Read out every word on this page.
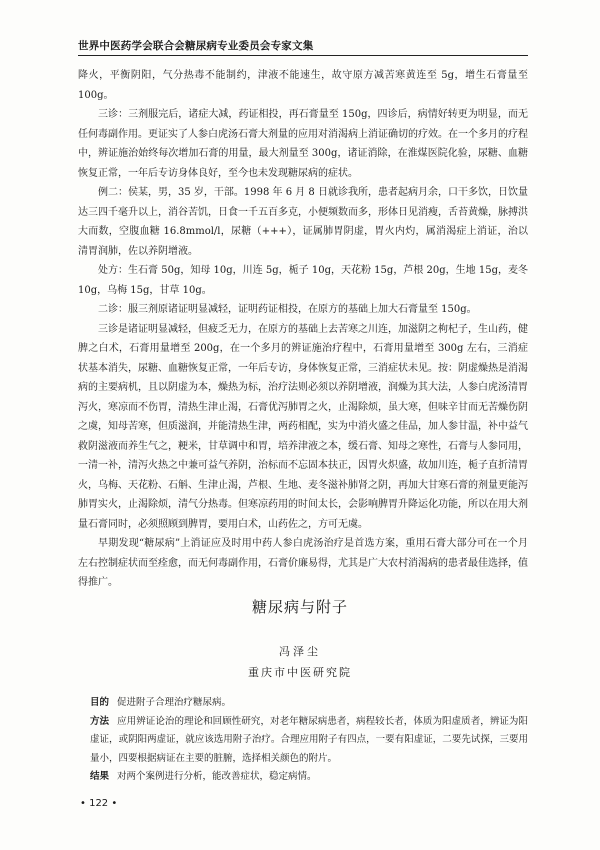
世界中医药学会联合会糖尿病专业委员会专家文集

降火，平衡阴阳，气分热毒不能制约，津液不能速生，故守原方减苦寒黄连至 5g，增生石膏量至 100g。

三诊：三剂服完后，诸症大减，药证相投，再石膏量至 150g，四诊后，病情好转更为明显，而无任何毒副作用。更证实了人参白虎汤石膏大剂量的应用对消渴病上消证确切的疗效。在一个多月的疗程中，辨证施治始终每次增加石膏的用量，最大剂量至 300g，诸证消除，在淮煤医院化验，尿糖、血糖恢复正常，一年后专访身体良好，至今也未发现糖尿病的症状。

例二：侯某，男，35 岁，干部。1998 年 6 月 8 日就诊我所，患者起病月余，口干多饮，日饮量达三四千毫升以上，消谷苦饥，日食一千五百多克，小便频数而多，形体日见消瘦，舌苔黄燥，脉搏洪大而数，空腹血糖 16.8mmol/l，尿糖（+++），证属肺胃阴虚，胃火内灼，属消渴症上消证，治以清胃润肺，佐以养阴增液。

处方：生石膏 50g，知母 10g，川连 5g，栀子 10g，天花粉 15g，芦根 20g，生地 15g，麦冬 10g，乌梅 15g，甘草 10g。

二诊：服三剂原诸证明显减轻，证明药证相投，在原方的基础上加大石膏量至 150g。

三诊是诸证明显减轻，但疲乏无力，在原方的基础上去苦寒之川连，加滋阴之枸杞子，生山药，健脾之白术，石膏用量增至 200g，在一个多月的辨证施治疗程中，石膏用量增至 300g 左右，三消症状基本消失，尿糖、血糖恢复正常，一年后专访，身体恢复正常，三消症状未见。按：阴虚燥热是消渴病的主要病机，且以阴虚为本，燥热为标，治疗法则必须以养阴增液，润燥为其大法，人参白虎汤清胃泻火，寒凉而不伤胃，清热生津止渴，石膏优泻肺胃之火，止渴除烦，虽大寒，但味辛甘而无苦燥伤阴之虞，知母苦寒，但质滋润，并能清热生津，两药相配，实为中消火盛之佳品，加人参甘温，补中益气救阴滋液而养生气之，粳米，甘草调中和胃，培养津液之本，缓石膏、知母之寒性，石膏与人参同用，一清一补，清泻火热之中兼可益气养阴，治标而不忘固本扶正，因胃火炽盛，故加川连，栀子直折清胃火，乌梅、天花粉、石斛、生津止渴，芦根、生地、麦冬滋补肺肾之阴，再加大甘寒石膏的剂量更能泻肺胃实火，止渴除烦，清气分热毒。但寒凉药用的时间太长，会影响脾胃升降运化功能，所以在用大剂量石膏同时，必须照顾到脾胃，要用白术，山药佐之，方可无虞。

早期发现“糖尿病”上消证应及时用中药人参白虎汤治疗是首选方案，重用石膏大部分可在一个月左右控制症状而至痊愈，而无何毒副作用，石膏价廉易得，尤其是广大农村消渴病的患者最佳选择，值得推广。

糖尿病与附子
冯泽尘
重庆市中医研究院

目的 促进附子合理治疗糖尿病。

方法 应用辨证论治的理论和回顾性研究，对老年糖尿病患者，病程较长者，体质为阳虚质者，辨证为阳虚证，或阴阳两虚证，就应该选用附子治疗。合理应用附子有四点，一要有阳虚证，二要先试探，三要用量小，四要根据病证在主要的脏腑，选择相关颜色的附片。

结果 对两个案例进行分析，能改善症状，稳定病情。

• 122 •
